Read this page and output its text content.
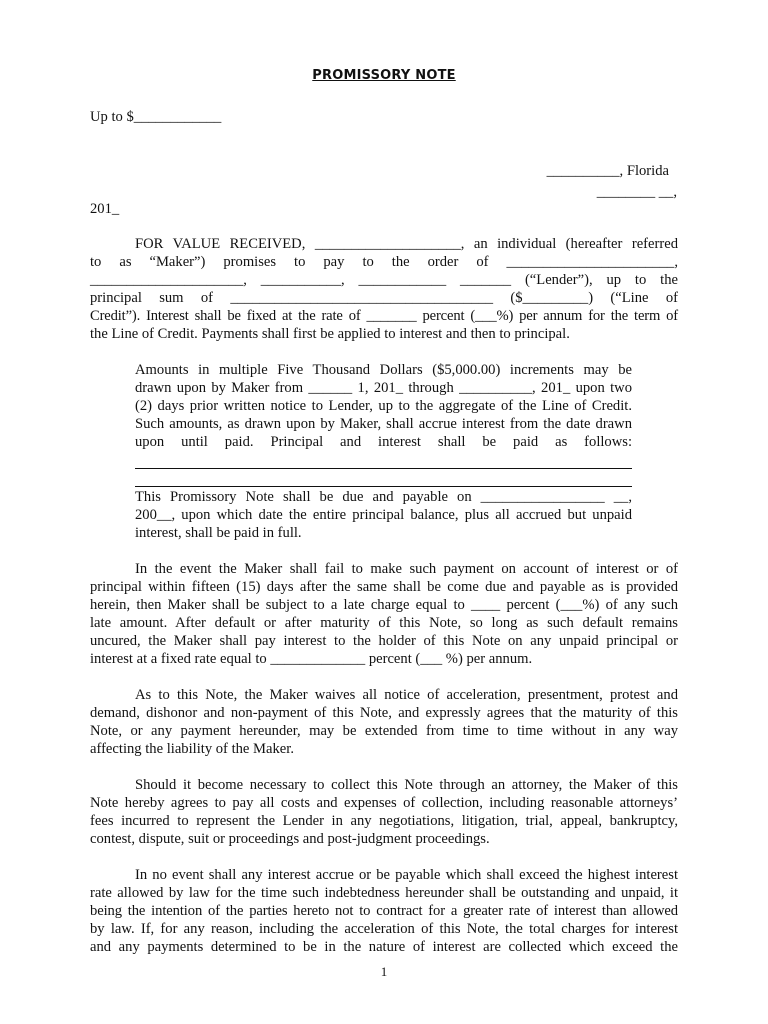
PROMISSORY NOTE
Up to $____________
__________, Florida
________ __,
201_
FOR VALUE RECEIVED, ____________________, an individual (hereafter referred
to as “Maker”) promises to pay to the order of _______________________,
_____________________, ___________, ____________ _______ (“Lender”), up to the
principal sum of ____________________________________ ($_________) (“Line of
Credit”). Interest shall be fixed at the rate of _______ percent (___%) per annum for the term of
the Line of Credit. Payments shall first be applied to interest and then to principal.
Amounts in multiple Five Thousand Dollars ($5,000.00) increments may be
drawn upon by Maker from ______ 1, 201_ through __________, 201_ upon two
(2) days prior written notice to Lender, up to the aggregate of the Line of Credit.
Such amounts, as drawn upon by Maker, shall accrue interest from the date drawn
upon until paid. Principal and interest shall be paid as follows:
This Promissory Note shall be due and payable on _________________ __,
200__, upon which date the entire principal balance, plus all accrued but unpaid
interest, shall be paid in full.
In the event the Maker shall fail to make such payment on account of interest or of
principal within fifteen (15) days after the same shall be come due and payable as is provided
herein, then Maker shall be subject to a late charge equal to ____ percent (___%) of any such
late amount. After default or after maturity of this Note, so long as such default remains
uncured, the Maker shall pay interest to the holder of this Note on any unpaid principal or
interest at a fixed rate equal to _____________ percent (___ %) per annum.
As to this Note, the Maker waives all notice of acceleration, presentment, protest and
demand, dishonor and non-payment of this Note, and expressly agrees that the maturity of this
Note, or any payment hereunder, may be extended from time to time without in any way
affecting the liability of the Maker.
Should it become necessary to collect this Note through an attorney, the Maker of this
Note hereby agrees to pay all costs and expenses of collection, including reasonable attorneys’
fees incurred to represent the Lender in any negotiations, litigation, trial, appeal, bankruptcy,
contest, dispute, suit or proceedings and post-judgment proceedings.
In no event shall any interest accrue or be payable which shall exceed the highest interest
rate allowed by law for the time such indebtedness hereunder shall be outstanding and unpaid, it
being the intention of the parties hereto not to contract for a greater rate of interest than allowed
by law. If, for any reason, including the acceleration of this Note, the total charges for interest
and any payments determined to be in the nature of interest are collected which exceed the
1
